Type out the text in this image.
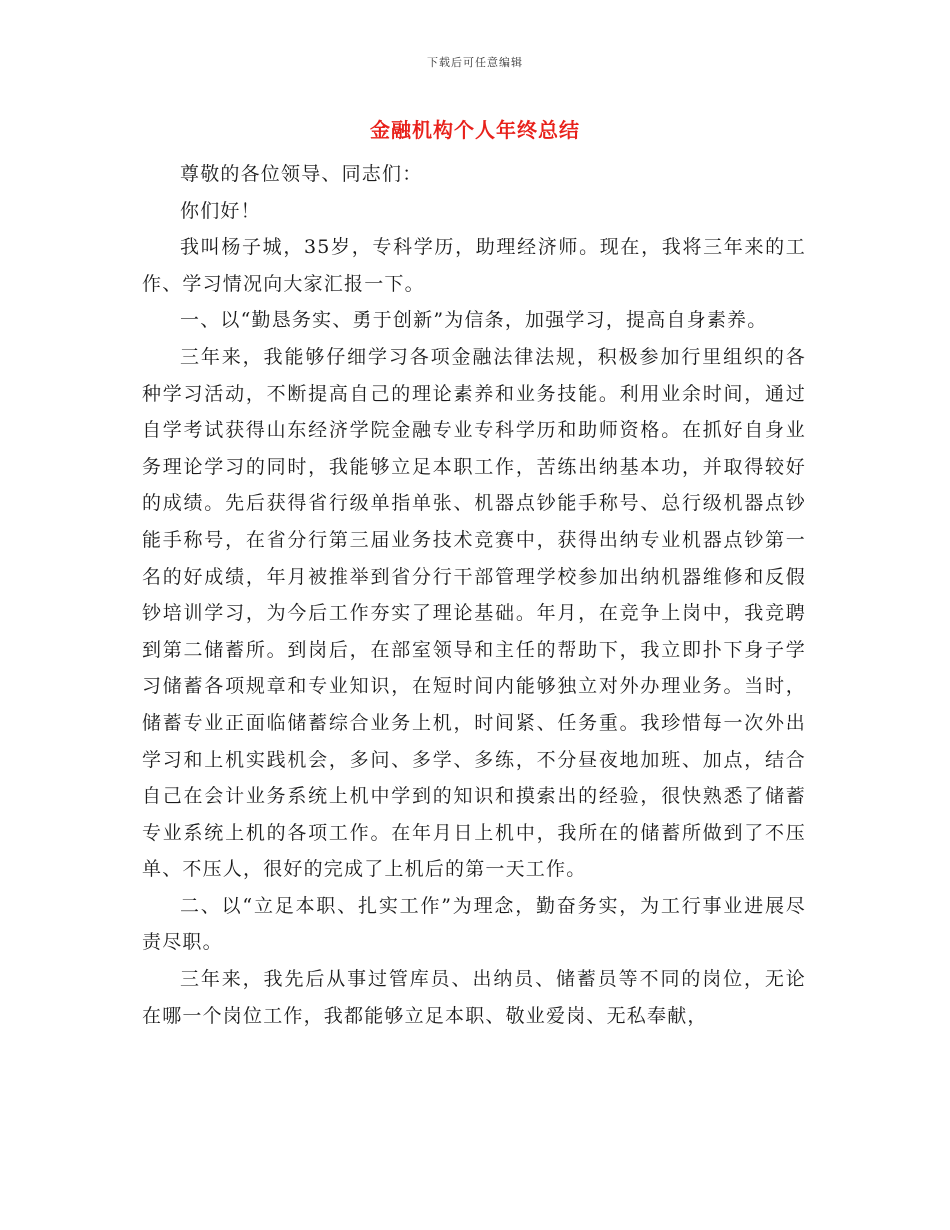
下载后可任意编辑
金融机构个人年终总结

尊敬的各位领导、同志们：

你们好！

我叫杨子城，35岁，专科学历，助理经济师。现在，我将三年来的工作、学习情况向大家汇报一下。

一、以“勤恳务实、勇于创新”为信条，加强学习，提高自身素养。

三年来，我能够仔细学习各项金融法律法规，积极参加行里组织的各种学习活动，不断提高自己的理论素养和业务技能。利用业余时间，通过自学考试获得山东经济学院金融专业专科学历和助师资格。在抓好自身业务理论学习的同时，我能够立足本职工作，苦练出纳基本功，并取得较好的成绩。先后获得省行级单指单张、机器点钞能手称号、总行级机器点钞能手称号，在省分行第三届业务技术竞赛中，获得出纳专业机器点钞第一名的好成绩，年月被推举到省分行干部管理学校参加出纳机器维修和反假钞培训学习，为今后工作夯实了理论基础。年月，在竞争上岗中，我竞聘到第二储蓄所。到岗后，在部室领导和主任的帮助下，我立即扑下身子学习储蓄各项规章和专业知识，在短时间内能够独立对外办理业务。当时，储蓄专业正面临储蓄综合业务上机，时间紧、任务重。我珍惜每一次外出学习和上机实践机会，多问、多学、多练，不分昼夜地加班、加点，结合自己在会计业务系统上机中学到的知识和摸索出的经验，很快熟悉了储蓄专业系统上机的各项工作。在年月日上机中，我所在的储蓄所做到了不压单、不压人，很好的完成了上机后的第一天工作。

二、以“立足本职、扎实工作”为理念，勤奋务实，为工行事业进展尽责尽职。

三年来，我先后从事过管库员、出纳员、储蓄员等不同的岗位，无论在哪一个岗位工作，我都能够立足本职、敬业爱岗、无私奉献，
